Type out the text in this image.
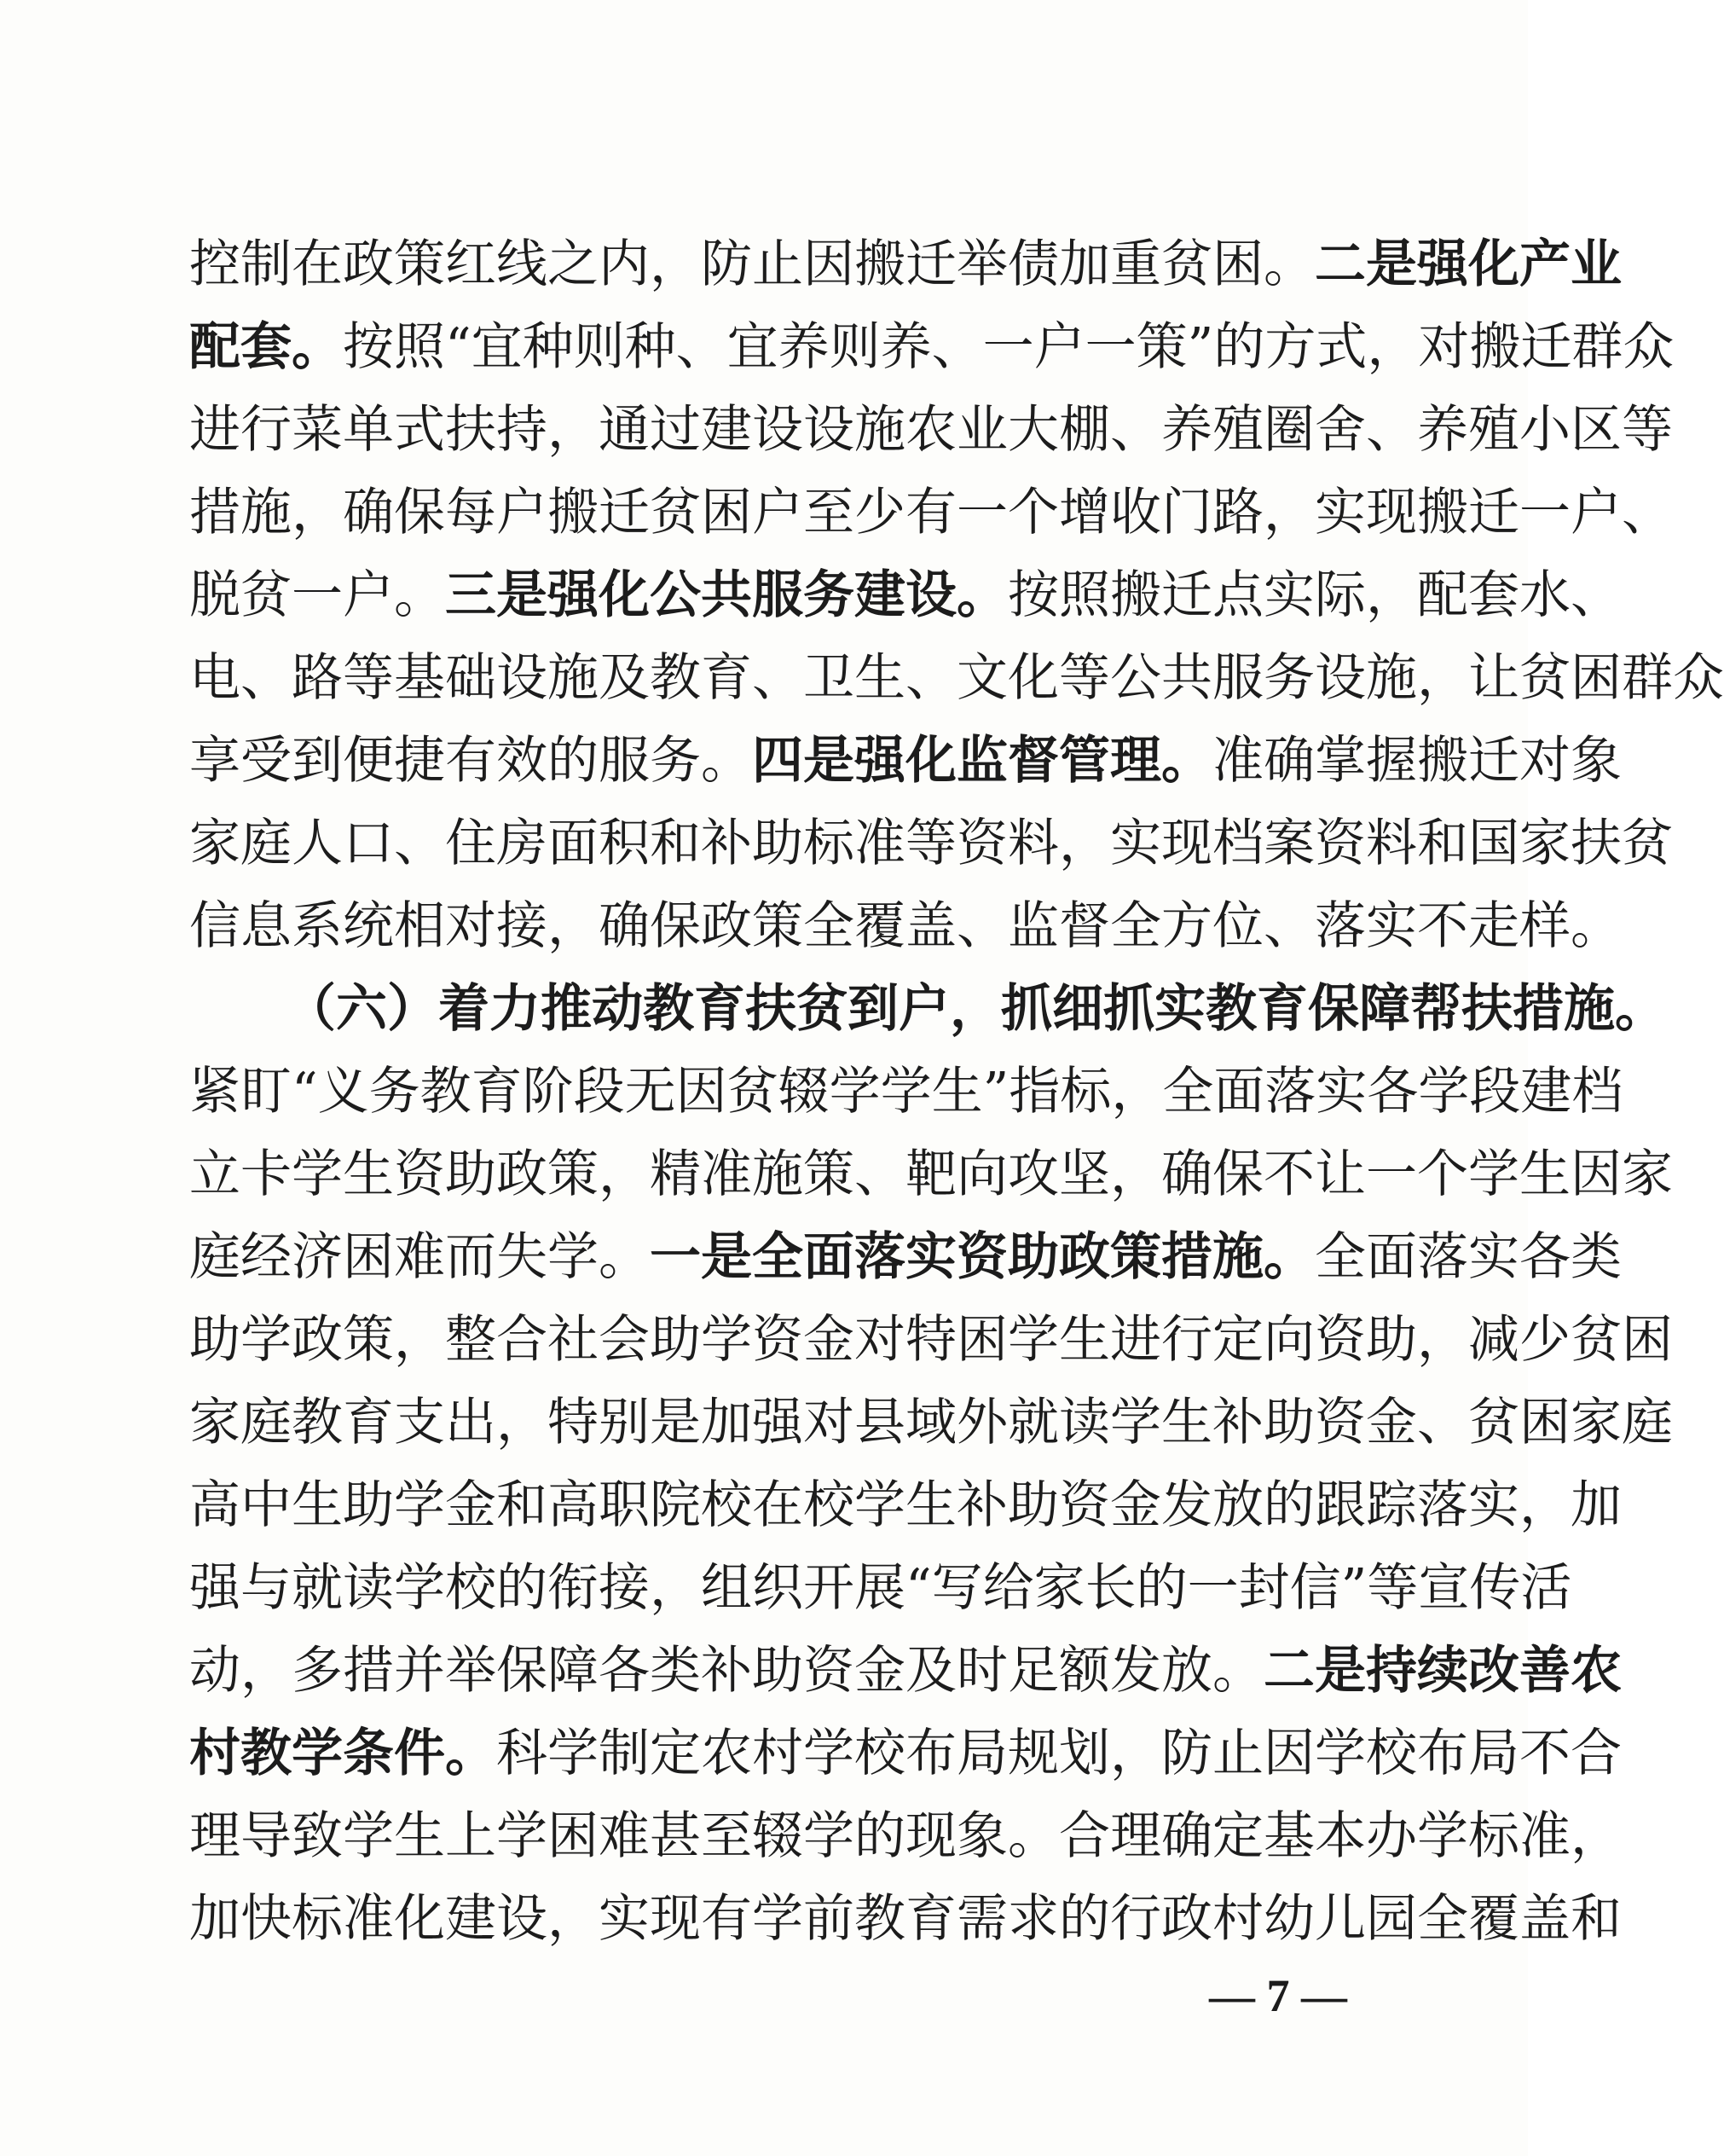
控制在政策红线之内，防止因搬迁举债加重贫困。二是强化产业
配套。按照“宜种则种、宜养则养、一户一策”的方式，对搬迁群众
进行菜单式扶持，通过建设设施农业大棚、养殖圈舍、养殖小区等
措施，确保每户搬迁贫困户至少有一个增收门路，实现搬迁一户、
脱贫一户。三是强化公共服务建设。按照搬迁点实际，配套水、
电、路等基础设施及教育、卫生、文化等公共服务设施，让贫困群众
享受到便捷有效的服务。四是强化监督管理。准确掌握搬迁对象
家庭人口、住房面积和补助标准等资料，实现档案资料和国家扶贫
信息系统相对接，确保政策全覆盖、监督全方位、落实不走样。
（六）着力推动教育扶贫到户，抓细抓实教育保障帮扶措施。
紧盯“义务教育阶段无因贫辍学学生”指标，全面落实各学段建档
立卡学生资助政策，精准施策、靶向攻坚，确保不让一个学生因家
庭经济困难而失学。一是全面落实资助政策措施。全面落实各类
助学政策，整合社会助学资金对特困学生进行定向资助，减少贫困
家庭教育支出，特别是加强对县域外就读学生补助资金、贫困家庭
高中生助学金和高职院校在校学生补助资金发放的跟踪落实，加
强与就读学校的衔接，组织开展“写给家长的一封信”等宣传活
动，多措并举保障各类补助资金及时足额发放。二是持续改善农
村教学条件。科学制定农村学校布局规划，防止因学校布局不合
理导致学生上学困难甚至辍学的现象。合理确定基本办学标准，
加快标准化建设，实现有学前教育需求的行政村幼儿园全覆盖和
— 7 —
